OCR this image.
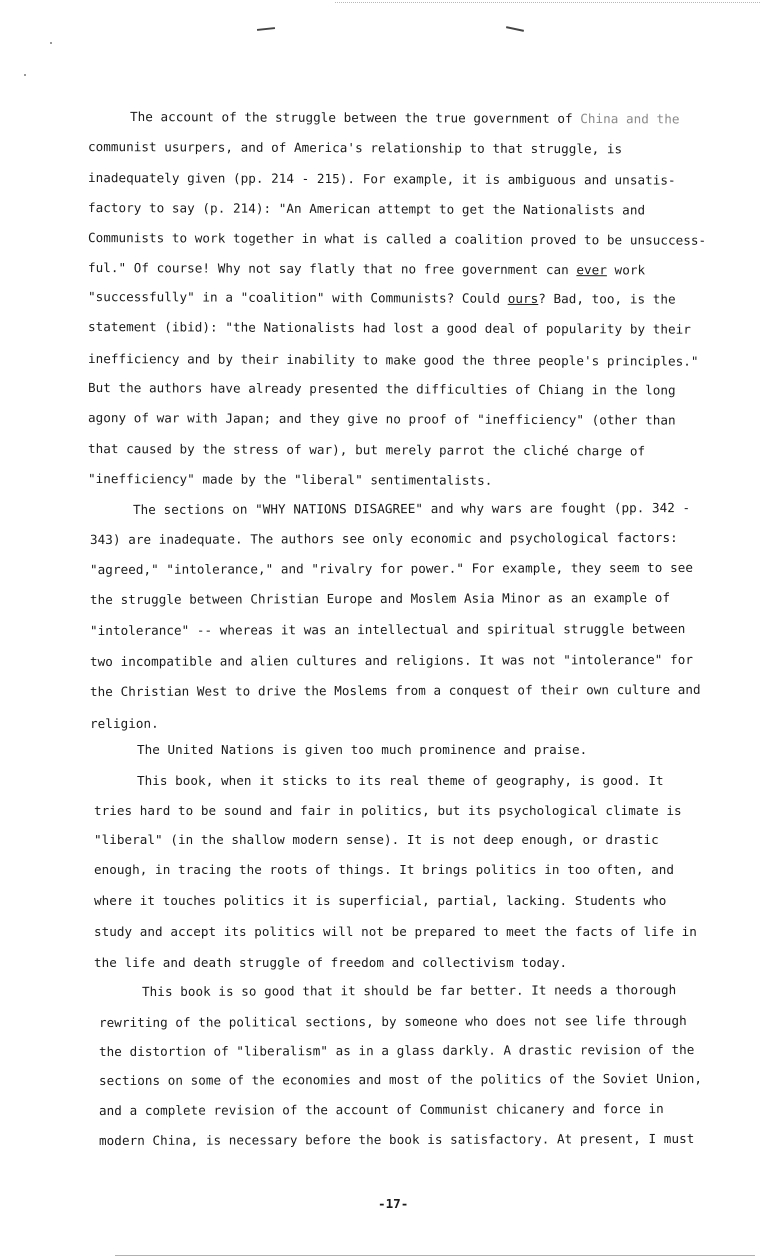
The account of the struggle between the true government of China and the
communist usurpers, and of America's relationship to that struggle, is
inadequately given (pp. 214 - 215). For example, it is ambiguous and unsatis-
factory to say (p. 214): "An American attempt to get the Nationalists and
Communists to work together in what is called a coalition proved to be unsuccess-
ful." Of course! Why not say flatly that no free government can ever work
"successfully" in a "coalition" with Communists? Could ours? Bad, too, is the
statement (ibid): "the Nationalists had lost a good deal of popularity by their
inefficiency and by their inability to make good the three people's principles."
But the authors have already presented the difficulties of Chiang in the long
agony of war with Japan; and they give no proof of "inefficiency" (other than
that caused by the stress of war), but merely parrot the cliché charge of
"inefficiency" made by the "liberal" sentimentalists.
The sections on "WHY NATIONS DISAGREE" and why wars are fought (pp. 342 -
343) are inadequate. The authors see only economic and psychological factors:
"agreed," "intolerance," and "rivalry for power." For example, they seem to see
the struggle between Christian Europe and Moslem Asia Minor as an example of
"intolerance" -- whereas it was an intellectual and spiritual struggle between
two incompatible and alien cultures and religions. It was not "intolerance" for
the Christian West to drive the Moslems from a conquest of their own culture and
religion.
The United Nations is given too much prominence and praise.
This book, when it sticks to its real theme of geography, is good. It
tries hard to be sound and fair in politics, but its psychological climate is
"liberal" (in the shallow modern sense). It is not deep enough, or drastic
enough, in tracing the roots of things. It brings politics in too often, and
where it touches politics it is superficial, partial, lacking. Students who
study and accept its politics will not be prepared to meet the facts of life in
the life and death struggle of freedom and collectivism today.
This book is so good that it should be far better. It needs a thorough
rewriting of the political sections, by someone who does not see life through
the distortion of "liberalism" as in a glass darkly. A drastic revision of the
sections on some of the economies and most of the politics of the Soviet Union,
and a complete revision of the account of Communist chicanery and force in
modern China, is necessary before the book is satisfactory. At present, I must
-17-
